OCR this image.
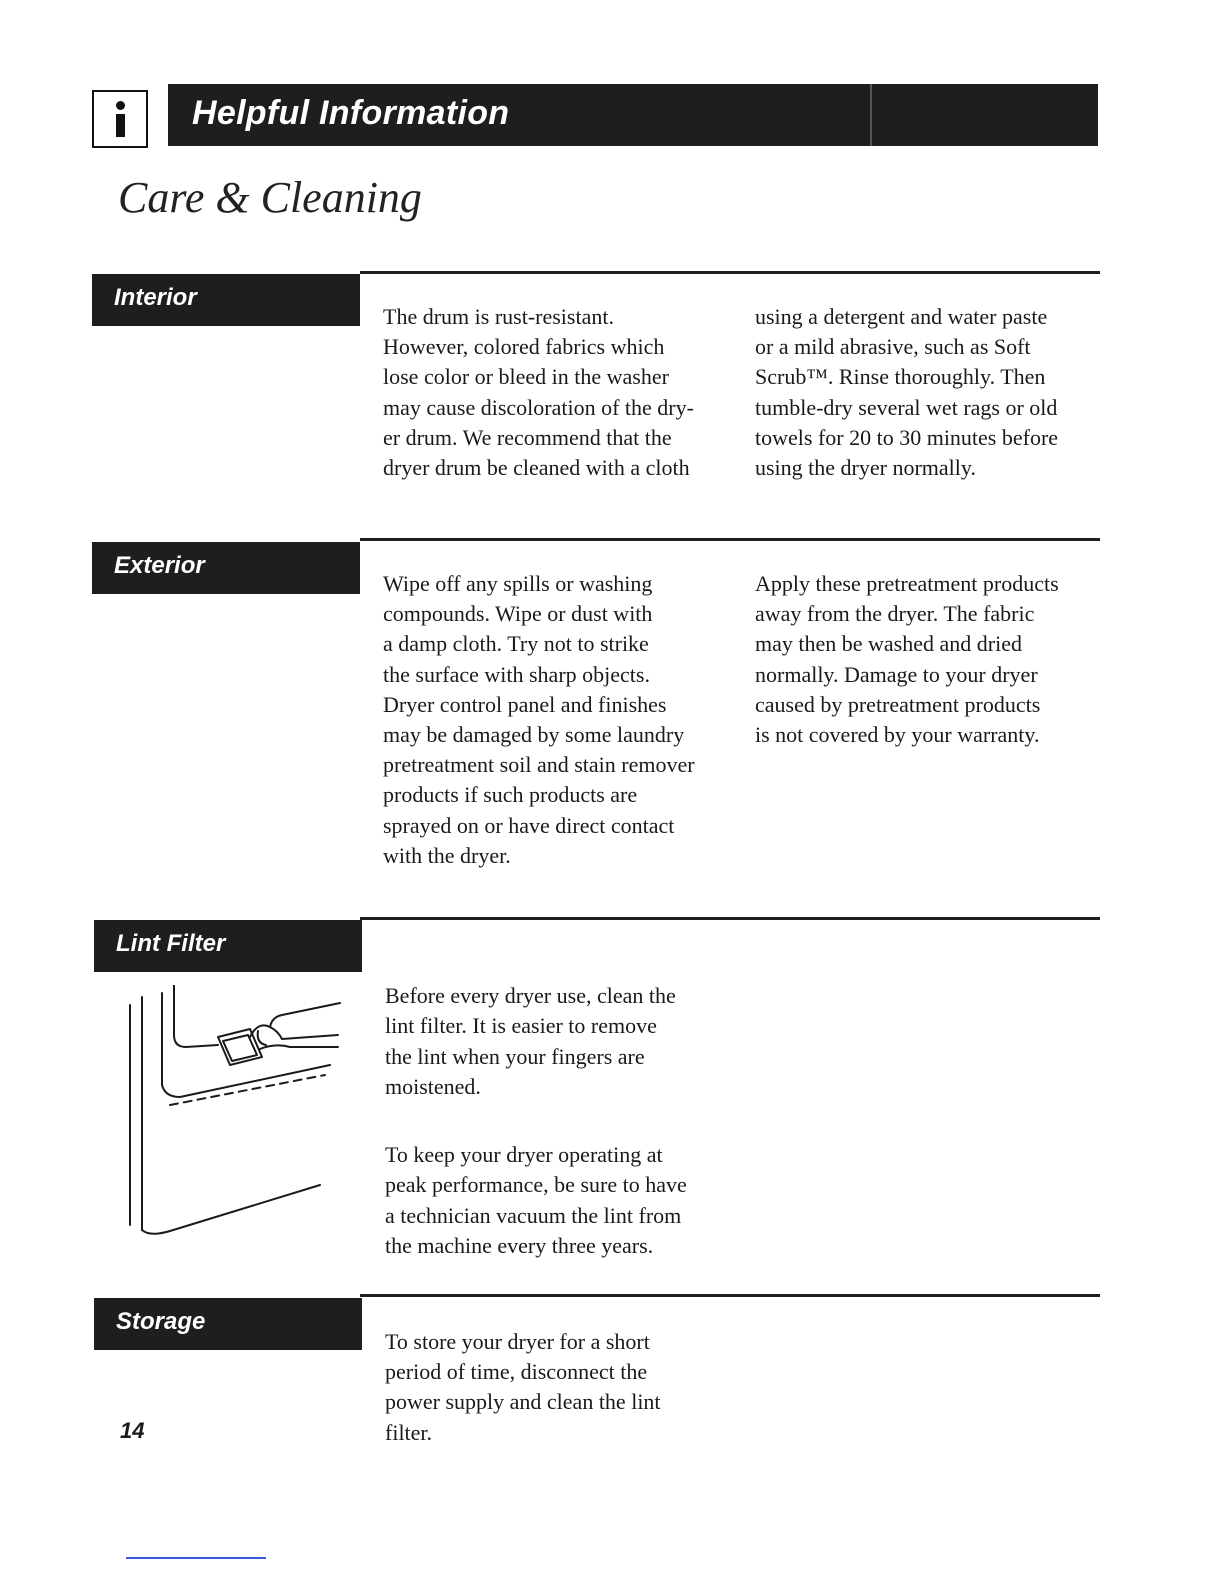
Helpful Information
Care & Cleaning
Interior
The drum is rust-resistant.
However, colored fabrics which
lose color or bleed in the washer
may cause discoloration of the dry-
er drum. We recommend that the
dryer drum be cleaned with a cloth
using a detergent and water paste
or a mild abrasive, such as Soft
Scrub™. Rinse thoroughly. Then
tumble-dry several wet rags or old
towels for 20 to 30 minutes before
using the dryer normally.
Exterior
Wipe off any spills or washing
compounds. Wipe or dust with
a damp cloth. Try not to strike
the surface with sharp objects.
Dryer control panel and finishes
may be damaged by some laundry
pretreatment soil and stain remover
products if such products are
sprayed on or have direct contact
with the dryer.
Apply these pretreatment products
away from the dryer. The fabric
may then be washed and dried
normally. Damage to your dryer
caused by pretreatment products
is not covered by your warranty.
Lint Filter

Before every dryer use, clean the
lint filter. It is easier to remove
the lint when your fingers are
moistened.

To keep your dryer operating at
peak performance, be sure to have
a technician vacuum the lint from
the machine every three years.

Storage
To store your dryer for a short
period of time, disconnect the
power supply and clean the lint
filter.
14
